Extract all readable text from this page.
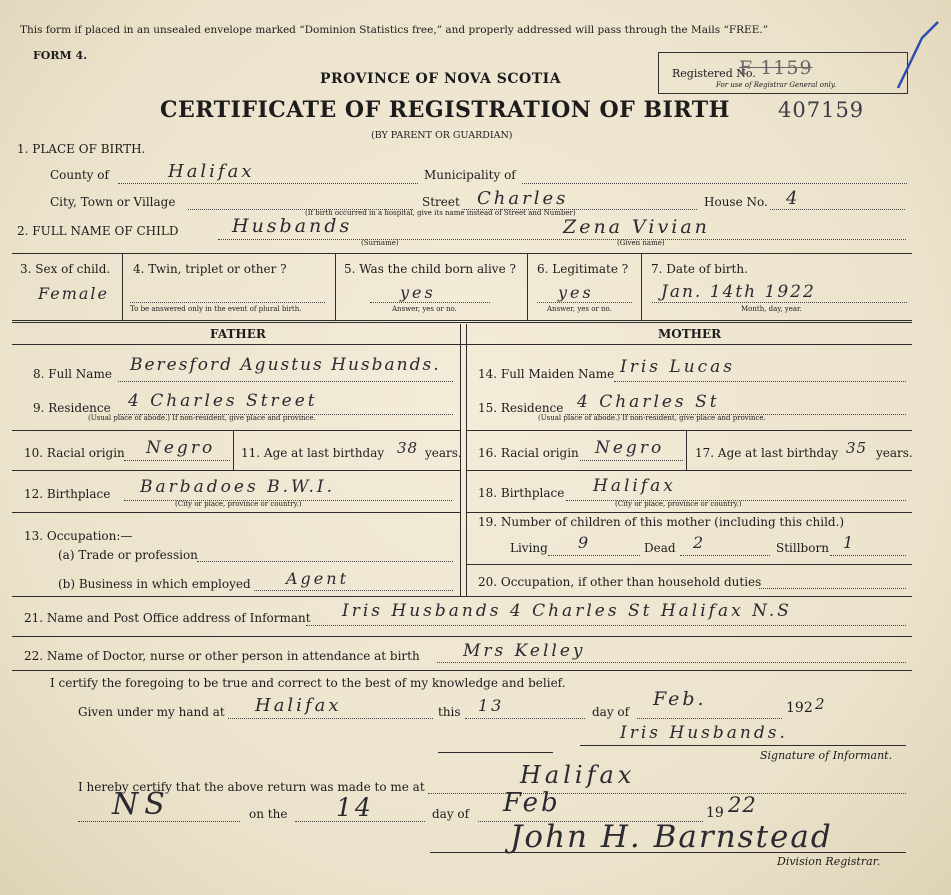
This form if placed in an unsealed envelope marked “Dominion Statistics free,” and properly addressed will pass through the Mails “FREE.”
FORM 4.
PROVINCE OF NOVA SCOTIA
CERTIFICATE OF REGISTRATION OF BIRTH
(BY PARENT OR GUARDIAN)
407159
Registered No.
F 1159
For use of Registrar General only.
1. PLACE OF BIRTH.
County of	Halifax	Municipality of
City, Town or Village	Street Charles	House No. 4
(If birth occurred in a hospital, give its name instead of Street and Number)
2. FULL NAME OF CHILD	Husbands
(Surname)
Zena Vivian
(Given name)
3. Sex of child.
Female
4. Twin, triplet or other ?
To be answered only in the event of plural birth.
5. Was the child born alive ?
yes
Answer, yes or no.
6. Legitimate ?
yes
Answer, yes or no.
7. Date of birth.
Jan. 14th 1922
Month, day, year.
FATHER	MOTHER
8. Full Name Beresford Agustus Husbands.
9. Residence 4 Charles Street
(Usual place of abode.) If non-resident, give place and province.
10. Racial origin Negro 11. Age at last birthday 38 years.
12. Birthplace Barbadoes B.W.I.
(City or place, province or country.)
13. Occupation:—
(a) Trade or profession
(b) Business in which employed Agent
14. Full Maiden Name Iris Lucas
15. Residence 4 Charles St
(Usual place of abode.) If non-resident, give place and province.
16. Racial origin Negro	17. Age at last birthday 35 years.
18. Birthplace Halifax
(City or place, province or country.)
19. Number of children of this mother (including this child.)
Living 9	Dead 2	Stillborn 1
20. Occupation, if other than household duties
21. Name and Post Office address of Informant Iris Husbands 4 Charles St Halifax N.S
22. Name of Doctor, nurse or other person in attendance at birth	Mrs Kelley
I certify the foregoing to be true and correct to the best of my knowledge and belief.
Given under my hand at Halifax	this 13	day of
Feb.	192 2
Iris Husbands.
Signature of Informant.
I hereby certify that the above return was made to me at	Halifax
NS	on the 14	day of Feb	19 22
John H. Barnstead
Division Registrar.
